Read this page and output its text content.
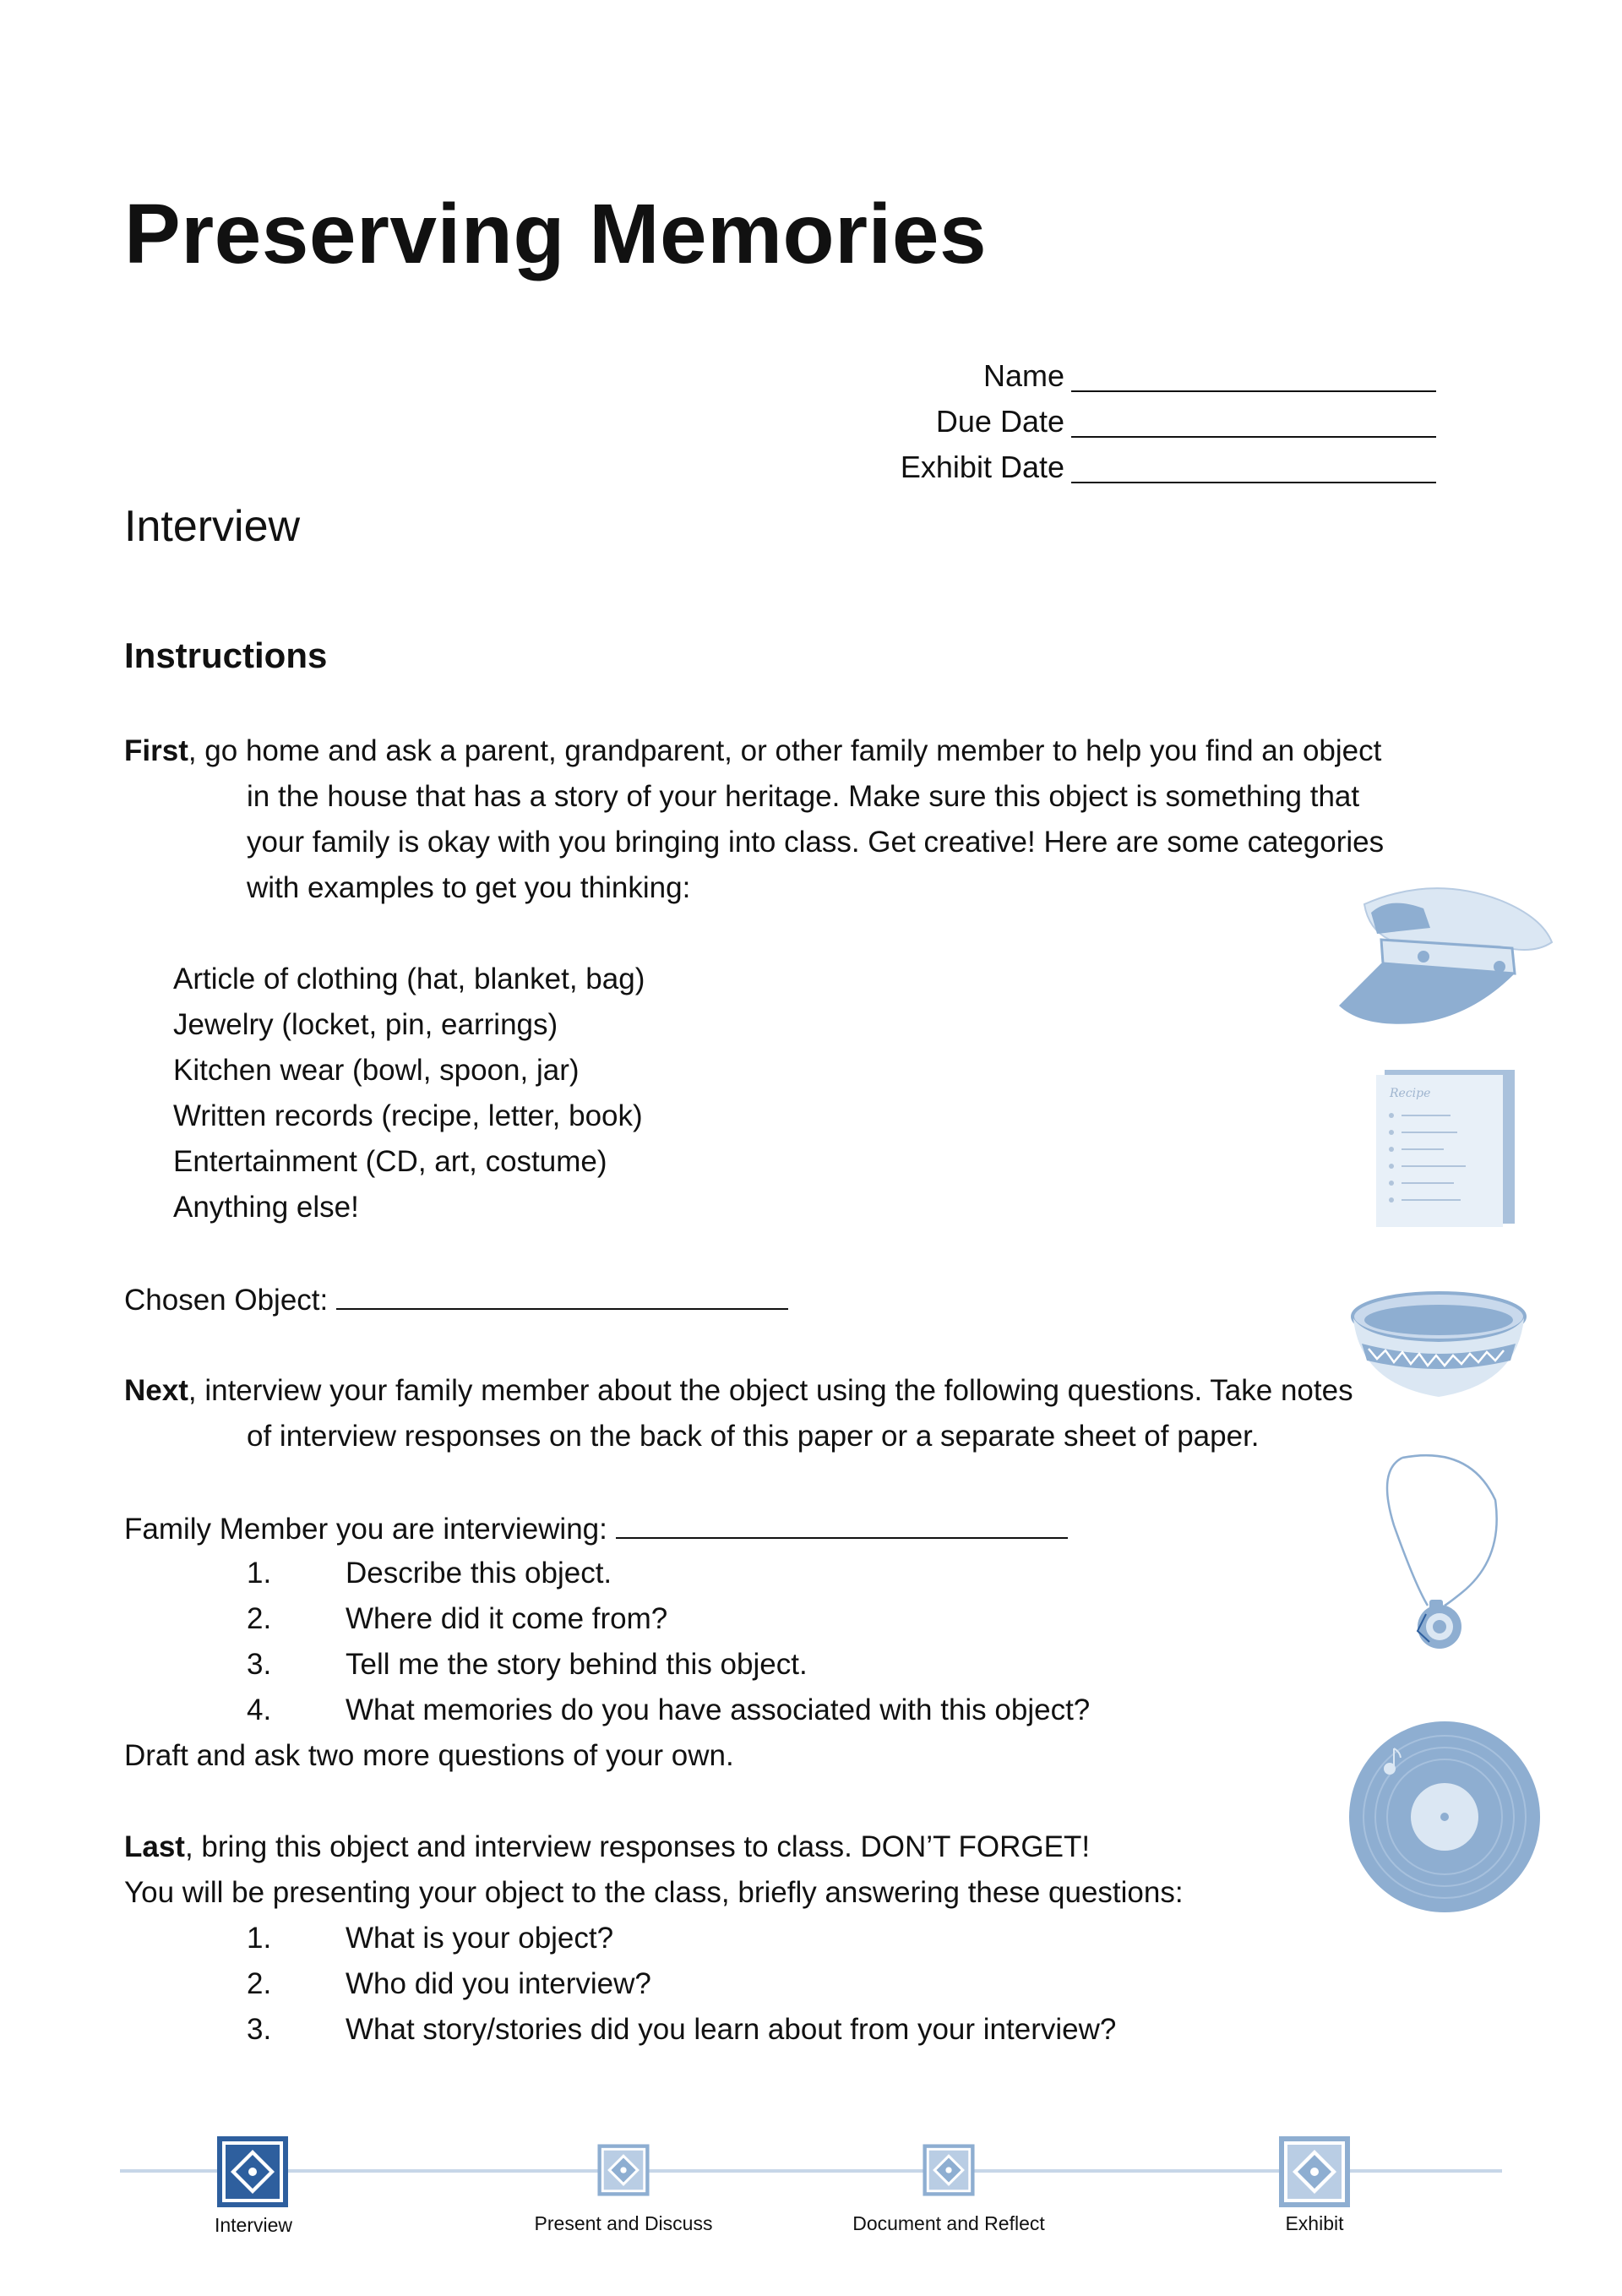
Preserving Memories
Name
Due Date
Exhibit Date
Interview
Instructions
First, go home and ask a parent, grandparent, or other family member to help you find an object
in the house that has a story of your heritage. Make sure this object is something that
your family is okay with you bringing into class. Get creative! Here are some categories
with examples to get you thinking:
Article of clothing (hat, blanket, bag)
Jewelry (locket, pin, earrings)
Kitchen wear (bowl, spoon, jar)
Written records (recipe, letter, book)
Entertainment (CD, art, costume)
Anything else!
Chosen Object:
Next, interview your family member about the object using the following questions. Take notes
of interview responses on the back of this paper or a separate sheet of paper.
Family Member you are interviewing:
1.	Describe this object.
2.	Where did it come from?
3.	Tell me the story behind this object.
4.	What memories do you have associated with this object?
Draft and ask two more questions of your own.
Last, bring this object and interview responses to class. DON’T FORGET!
You will be presenting your object to the class, briefly answering these questions:
1.	What is your object?
2.	Who did you interview?
3.	What story/stories did you learn about from your interview?
Recipe
Interview	Present and Discuss	Document and Reflect	Exhibit
